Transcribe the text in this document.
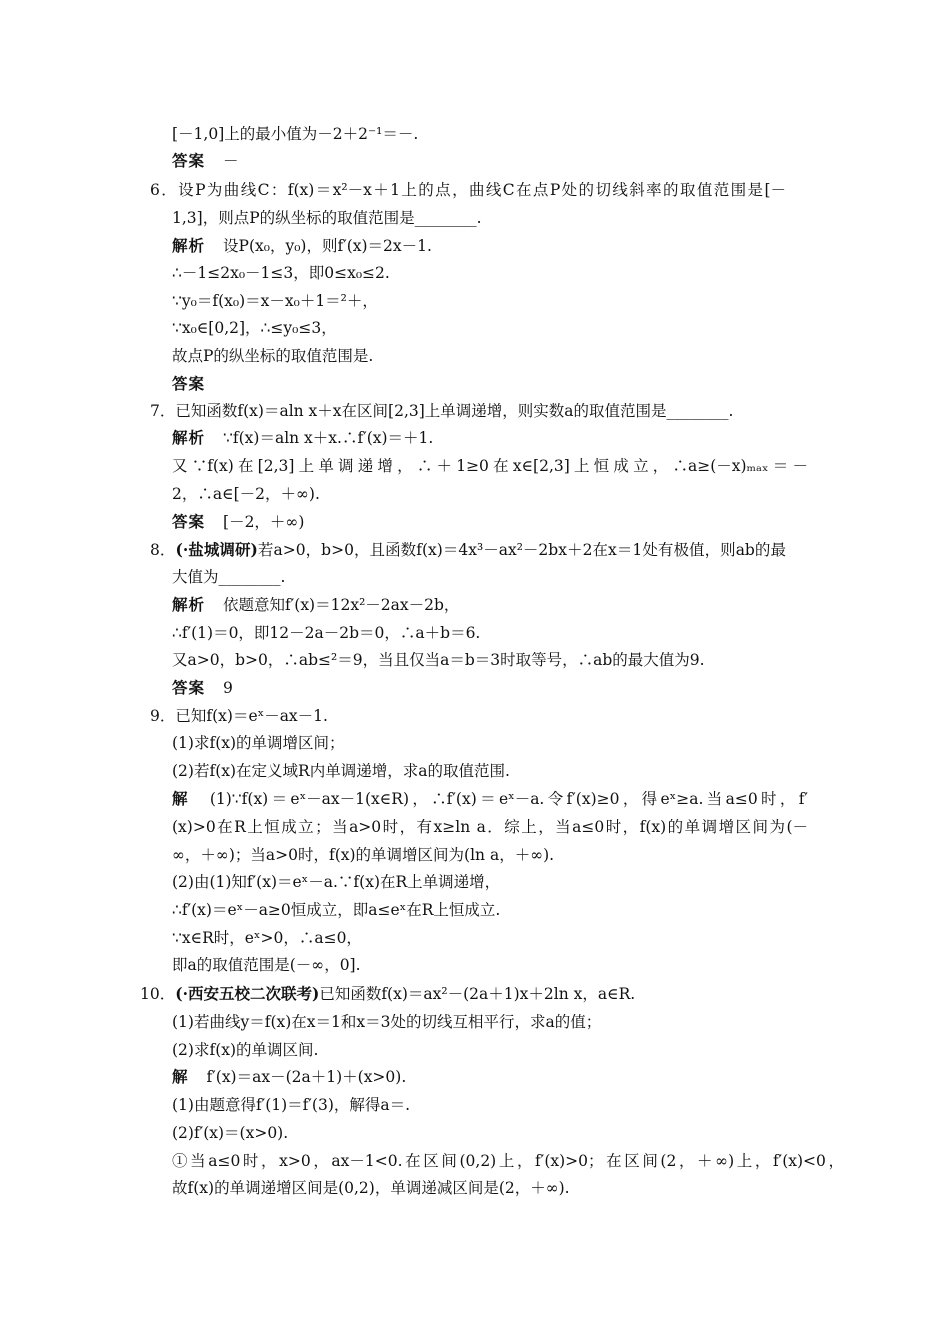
[－1,0]上的最小值为－2＋2⁻¹＝－.
答案 －
6．设P为曲线C：f(x)＝x²－x＋1上的点，曲线C在点P处的切线斜率的取值范围是[－
1,3]，则点P的纵坐标的取值范围是________.
解析 设P(x₀，y₀)，则f′(x)＝2x－1.
∴－1≤2x₀－1≤3，即0≤x₀≤2.
∵y₀＝f(x₀)＝x－x₀＋1＝²＋，
∵x₀∈[0,2]，∴≤y₀≤3，
故点P的纵坐标的取值范围是.
答案
7．已知函数f(x)＝aln x＋x在区间[2,3]上单调递增，则实数a的取值范围是________.
解析 ∵f(x)＝aln x＋x.∴f′(x)＝＋1.
又∵f(x)在[2,3]上单调递增，∴＋1≥0在x∈[2,3]上恒成立，∴a≥(－x)ₘₐₓ＝－
2，∴a∈[－2，＋∞).
答案 [－2，＋∞)
8．(·盐城调研)若a>0，b>0，且函数f(x)＝4x³－ax²－2bx＋2在x＝1处有极值，则ab的最
大值为________.
解析 依题意知f′(x)＝12x²－2ax－2b，
∴f′(1)＝0，即12－2a－2b＝0，∴a＋b＝6.
又a>0，b>0，∴ab≤²＝9，当且仅当a＝b＝3时取等号，∴ab的最大值为9.
答案 9
9．已知f(x)＝eˣ－ax－1.
(1)求f(x)的单调增区间；
(2)若f(x)在定义域R内单调递增，求a的取值范围.
解 (1)∵f(x)＝eˣ－ax－1(x∈R)，∴f′(x)＝eˣ－a.令f′(x)≥0，得eˣ≥a.当a≤0时，f′
(x)>0在R上恒成立；当a>0时，有x≥ln a．综上，当a≤0时，f(x)的单调增区间为(－
∞，＋∞)；当a>0时，f(x)的单调增区间为(ln a，＋∞).
(2)由(1)知f′(x)＝eˣ－a.∵f(x)在R上单调递增，
∴f′(x)＝eˣ－a≥0恒成立，即a≤eˣ在R上恒成立.
∵x∈R时，eˣ>0，∴a≤0，
即a的取值范围是(－∞，0].
10．(·西安五校二次联考)已知函数f(x)＝ax²－(2a＋1)x＋2ln x，a∈R.
(1)若曲线y＝f(x)在x＝1和x＝3处的切线互相平行，求a的值；
(2)求f(x)的单调区间.
解 f′(x)＝ax－(2a＋1)＋(x>0).
(1)由题意得f′(1)＝f′(3)，解得a＝.
(2)f′(x)＝(x>0).
①当a≤0时，x>0，ax－1<0.在区间(0,2)上，f′(x)>0；在区间(2，＋∞)上，f′(x)<0，
故f(x)的单调递增区间是(0,2)，单调递减区间是(2，＋∞).
